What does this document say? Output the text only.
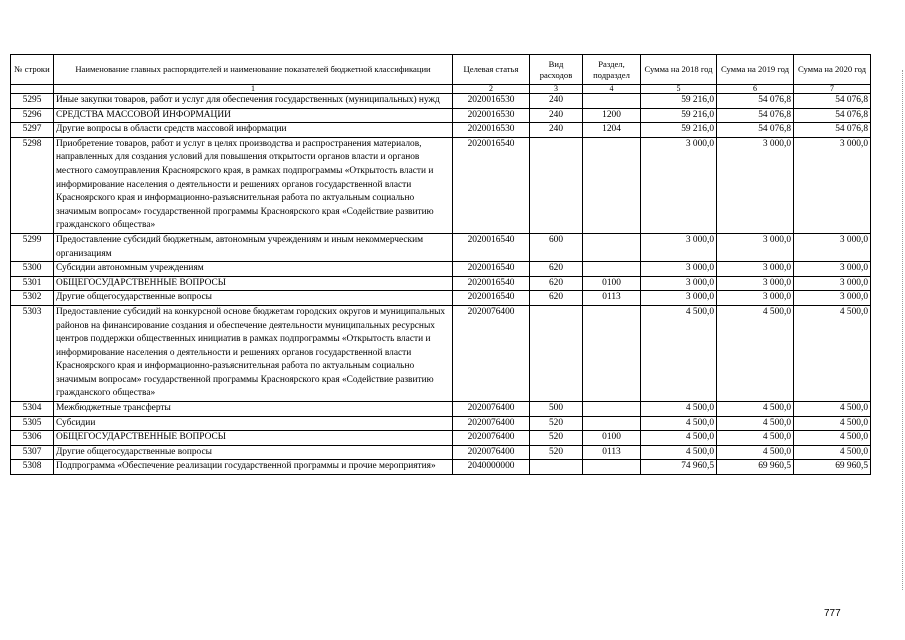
№ строки	Наименование главных распорядителей и наименование показателей бюджетной классификации	Целевая статья	Вид расходов	Раздел, подраздел	Сумма на 2018 год	Сумма на 2019 год	Сумма на 2020 год
	1	2	3	4	5	6	7
5295	Иные закупки товаров, работ и услуг для обеспечения государственных (муниципальных) нужд	2020016530	240		59 216,0	54 076,8	54 076,8
5296	СРЕДСТВА МАССОВОЙ ИНФОРМАЦИИ	2020016530	240	1200	59 216,0	54 076,8	54 076,8
5297	Другие вопросы в области средств массовой информации	2020016530	240	1204	59 216,0	54 076,8	54 076,8
5298	Приобретение товаров, работ и услуг в целях производства и распространения материалов, направленных для создания условий для повышения открытости органов власти и органов местного самоуправления Красноярского края, в рамках подпрограммы «Открытость власти и информирование населения о деятельности и решениях органов государственной власти Красноярского края и информационно-разъяснительная работа по актуальным социально значимым вопросам» государственной программы Красноярского края «Содействие развитию гражданского общества»	2020016540			3 000,0	3 000,0	3 000,0
5299	Предоставление субсидий бюджетным, автономным учреждениям и иным некоммерческим организациям	2020016540	600		3 000,0	3 000,0	3 000,0
5300	Субсидии автономным учреждениям	2020016540	620		3 000,0	3 000,0	3 000,0
5301	ОБЩЕГОСУДАРСТВЕННЫЕ ВОПРОСЫ	2020016540	620	0100	3 000,0	3 000,0	3 000,0
5302	Другие общегосударственные вопросы	2020016540	620	0113	3 000,0	3 000,0	3 000,0
5303	Предоставление субсидий на конкурсной основе бюджетам городских округов и муниципальных районов на финансирование создания и обеспечение деятельности муниципальных ресурсных центров поддержки общественных инициатив в рамках подпрограммы «Открытость власти и информирование населения о деятельности и решениях органов государственной власти Красноярского края и информационно-разъяснительная работа по актуальным социально значимым вопросам» государственной программы Красноярского края «Содействие развитию гражданского общества»	2020076400			4 500,0	4 500,0	4 500,0
5304	Межбюджетные трансферты	2020076400	500		4 500,0	4 500,0	4 500,0
5305	Субсидии	2020076400	520		4 500,0	4 500,0	4 500,0
5306	ОБЩЕГОСУДАРСТВЕННЫЕ ВОПРОСЫ	2020076400	520	0100	4 500,0	4 500,0	4 500,0
5307	Другие общегосударственные вопросы	2020076400	520	0113	4 500,0	4 500,0	4 500,0
5308	Подпрограмма «Обеспечение реализации государственной программы и прочие мероприятия»	2040000000			74 960,5	69 960,5	69 960,5
777
